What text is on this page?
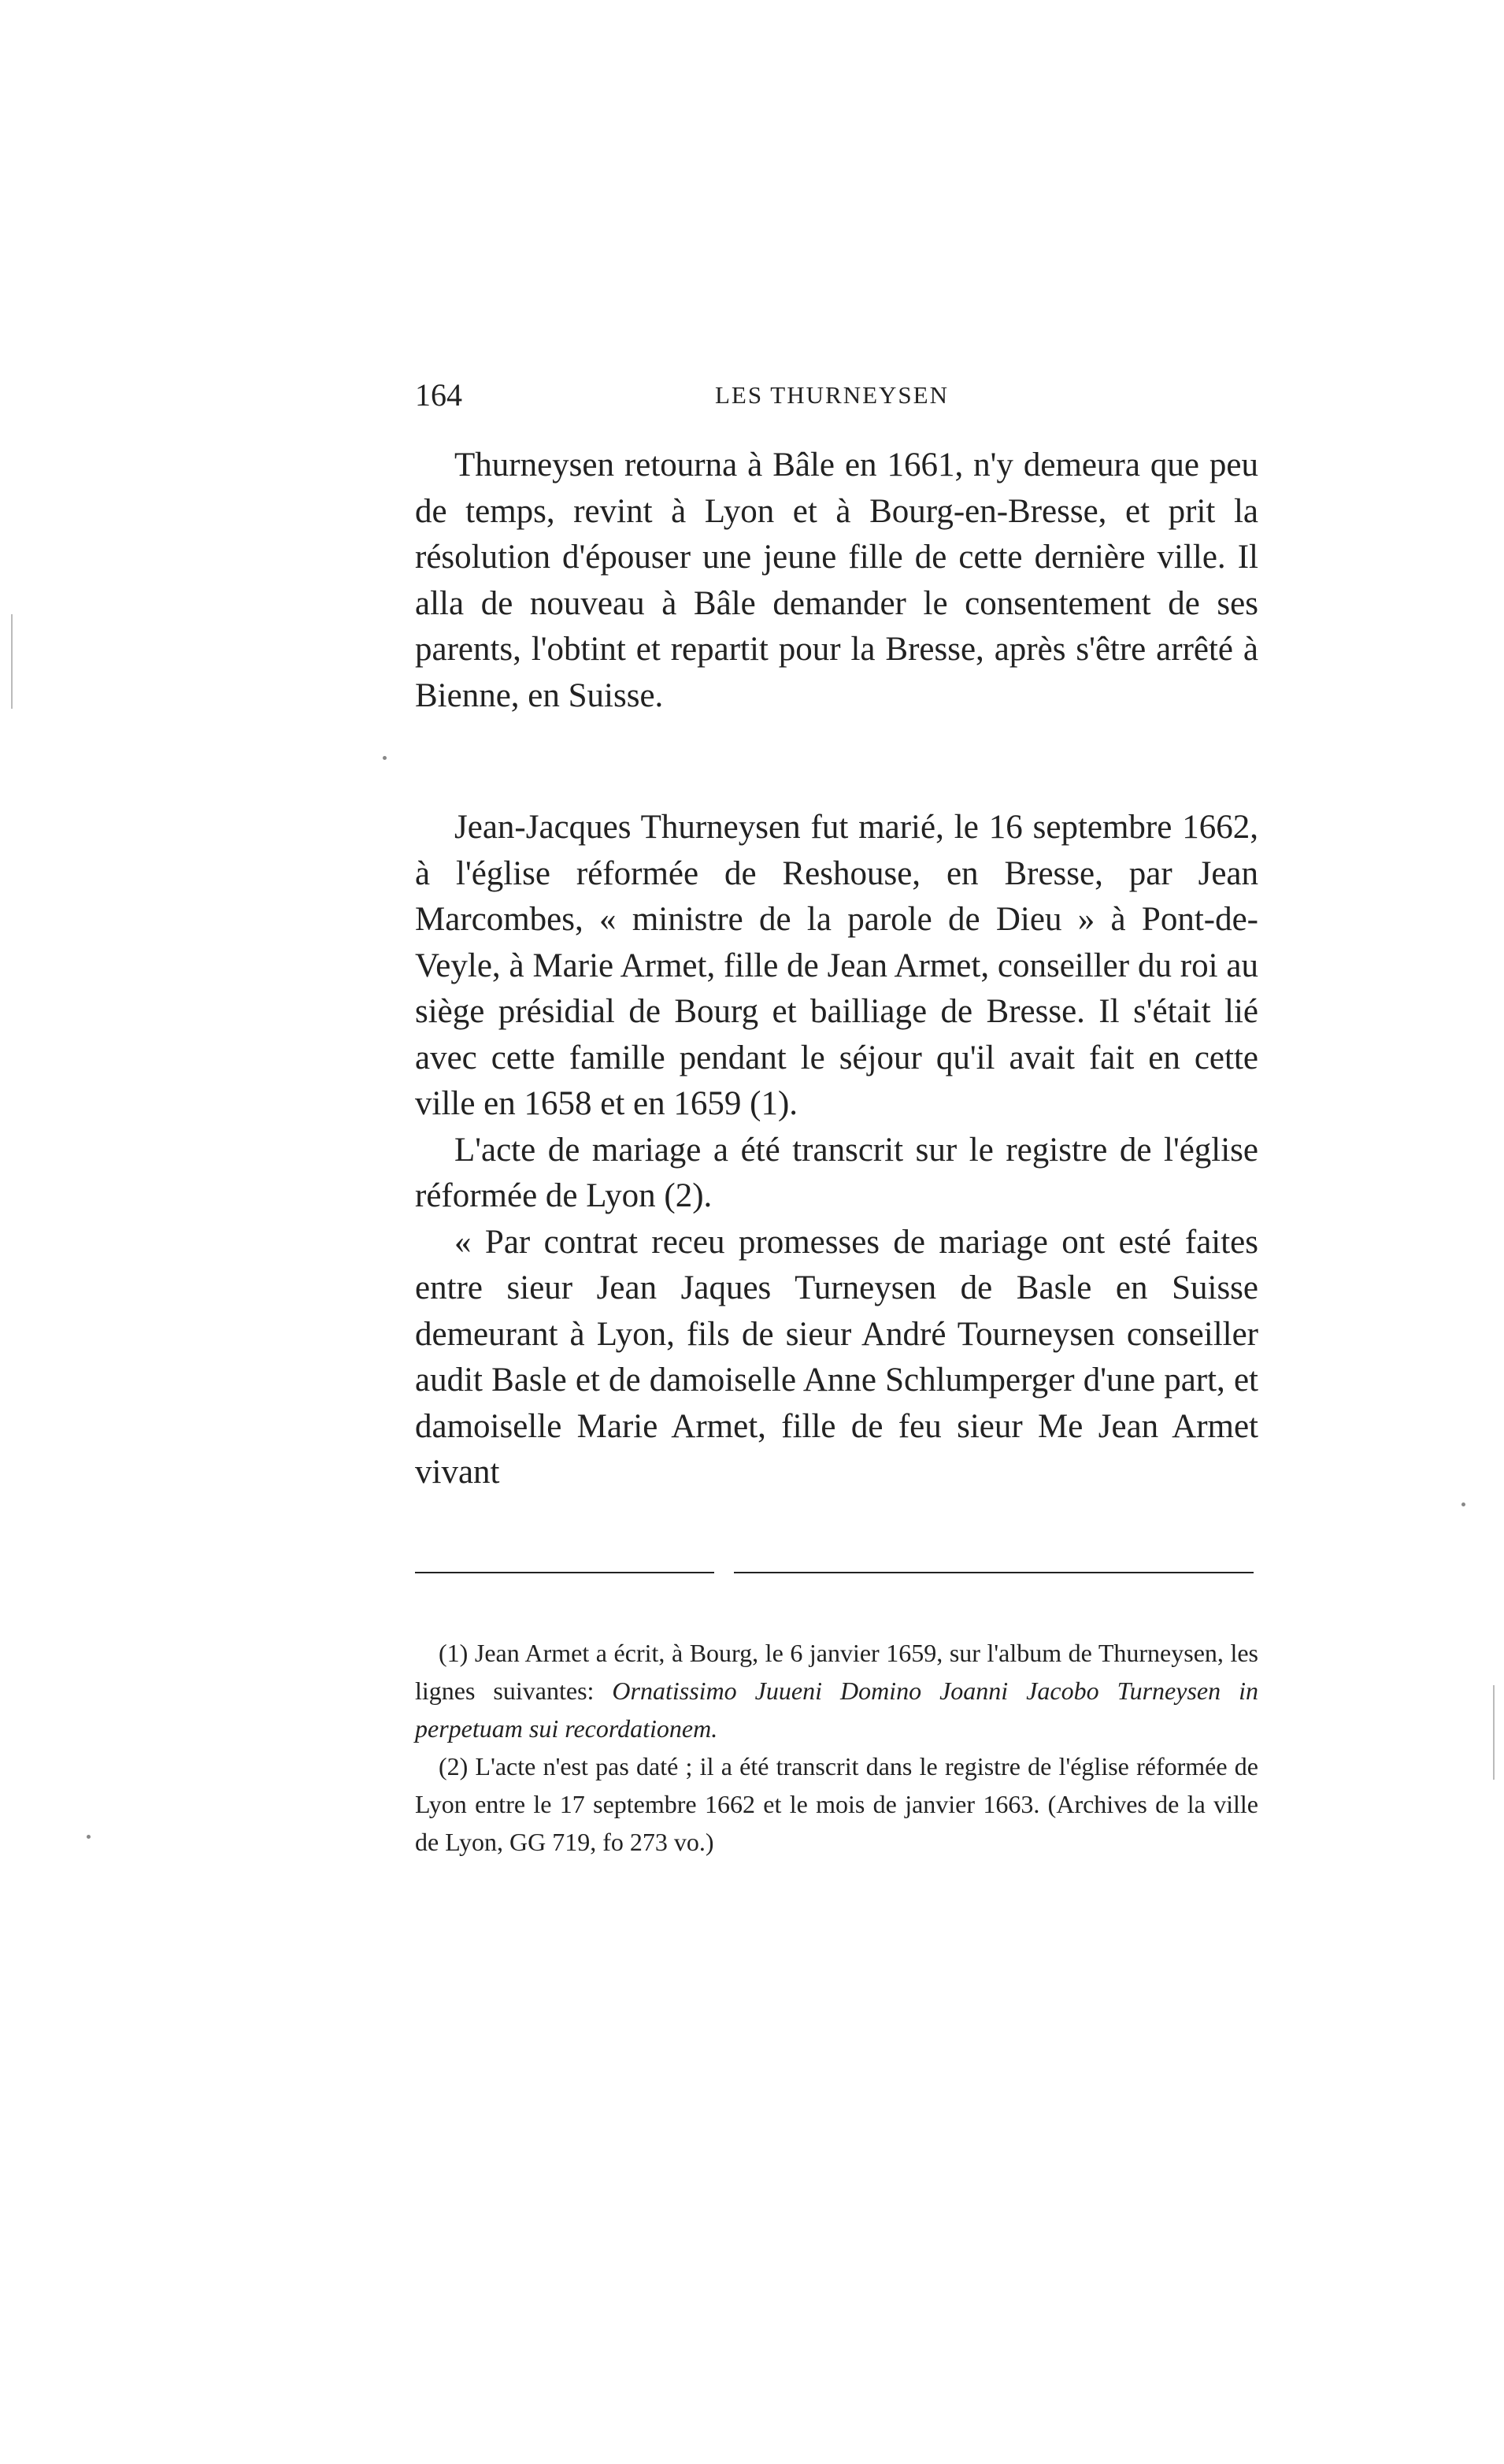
164	LES THURNEYSEN

Thurneysen retourna à Bâle en 1661, n'y demeura que peu de temps, revint à Lyon et à Bourg-en-Bresse, et prit la résolution d'épouser une jeune fille de cette dernière ville. Il alla de nouveau à Bâle demander le consentement de ses parents, l'obtint et repartit pour la Bresse, après s'être arrêté à Bienne, en Suisse.

Jean-Jacques Thurneysen fut marié, le 16 septembre 1662, à l'église réformée de Reshouse, en Bresse, par Jean Marcombes, « ministre de la parole de Dieu » à Pont-de-Veyle, à Marie Armet, fille de Jean Armet, conseiller du roi au siège présidial de Bourg et bailliage de Bresse. Il s'était lié avec cette famille pendant le séjour qu'il avait fait en cette ville en 1658 et en 1659 (1).

L'acte de mariage a été transcrit sur le registre de l'église réformée de Lyon (2).

« Par contrat receu promesses de mariage ont esté faites entre sieur Jean Jaques Turneysen de Basle en Suisse demeurant à Lyon, fils de sieur André Tourneysen conseiller audit Basle et de damoiselle Anne Schlumperger d'une part, et damoiselle Marie Armet, fille de feu sieur Me Jean Armet vivant

(1) Jean Armet a écrit, à Bourg, le 6 janvier 1659, sur l'album de Thurneysen, les lignes suivantes: Ornatissimo Juueni Domino Joanni Jacobo Turneysen in perpetuam sui recordationem.

(2) L'acte n'est pas daté ; il a été transcrit dans le registre de l'église réformée de Lyon entre le 17 septembre 1662 et le mois de janvier 1663. (Archives de la ville de Lyon, GG 719, fo 273 vo.)
